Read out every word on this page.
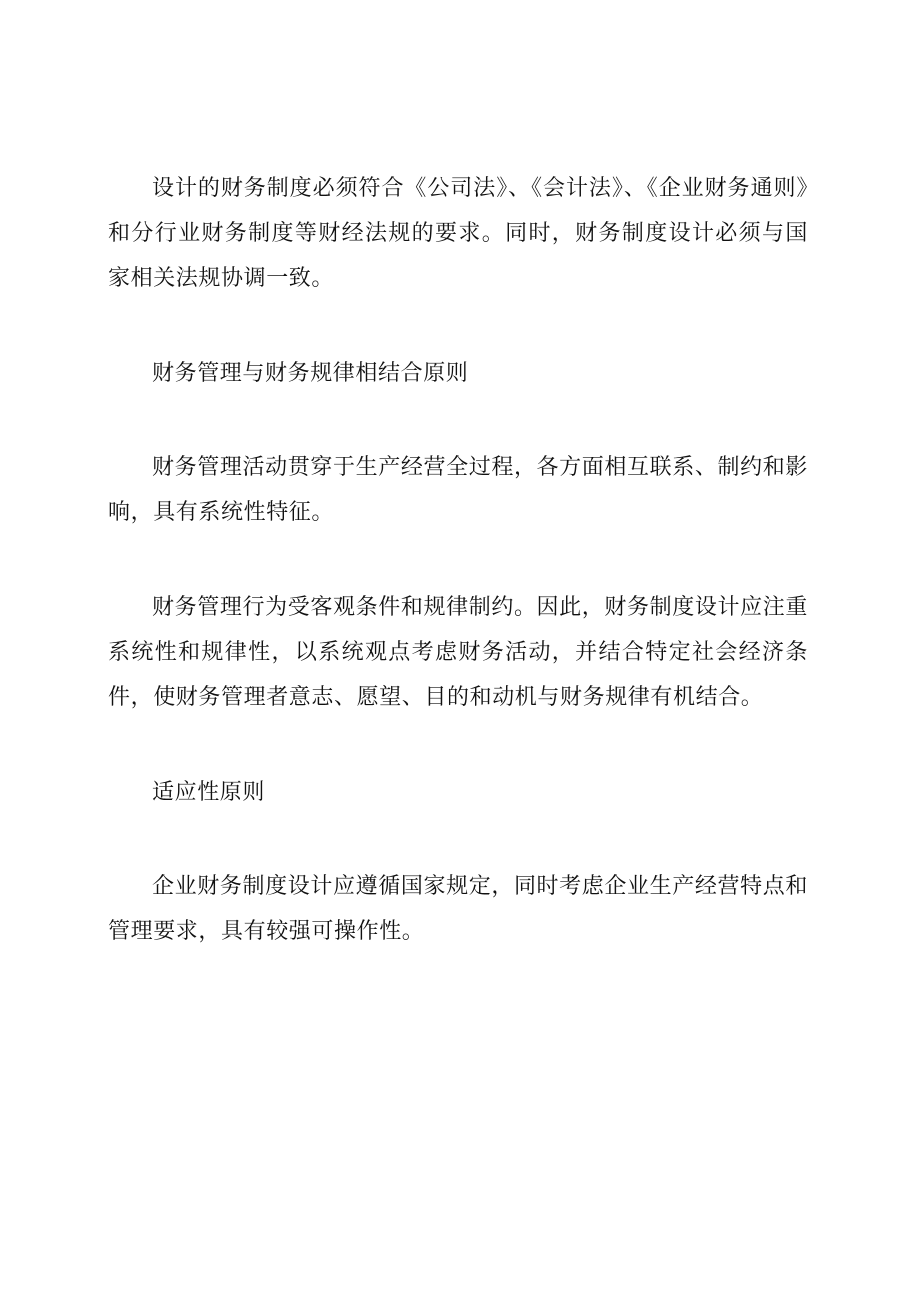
设计的财务制度必须符合《公司法》、《会计法》、《企业财务通则》和分行业财务制度等财经法规的要求。同时，财务制度设计必须与国家相关法规协调一致。

财务管理与财务规律相结合原则

财务管理活动贯穿于生产经营全过程，各方面相互联系、制约和影响，具有系统性特征。

财务管理行为受客观条件和规律制约。因此，财务制度设计应注重系统性和规律性，以系统观点考虑财务活动，并结合特定社会经济条件，使财务管理者意志、愿望、目的和动机与财务规律有机结合。

适应性原则

企业财务制度设计应遵循国家规定，同时考虑企业生产经营特点和管理要求，具有较强可操作性。
